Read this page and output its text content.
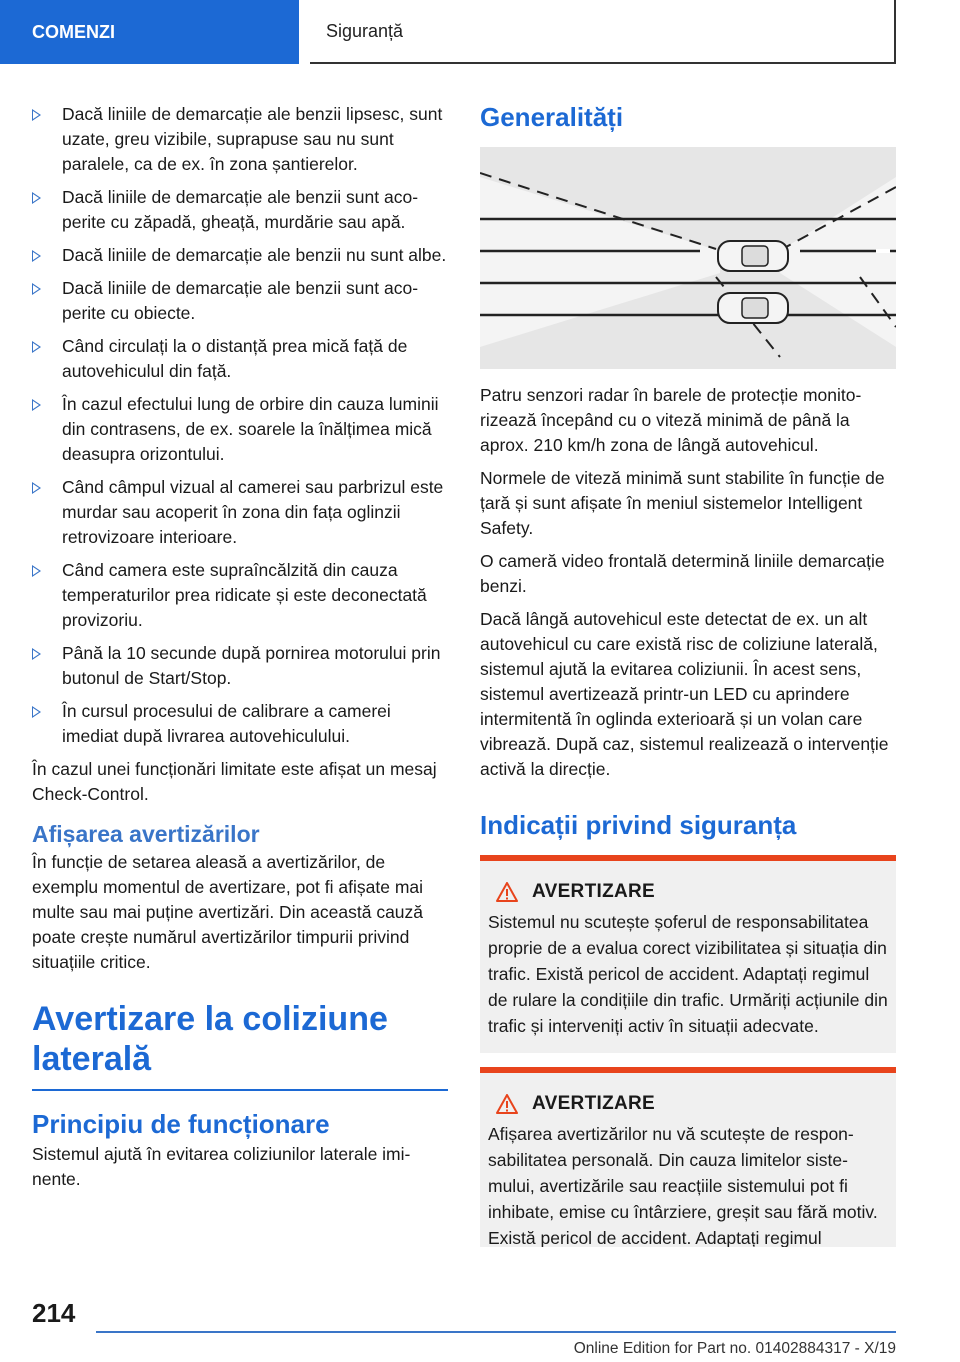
COMENZI	Siguranță
Dacă liniile de demarcație ale benzii lipsesc, sunt uzate, greu vizibile, suprapuse sau nu sunt paralele, ca de ex. în zona șantierelor.
Dacă liniile de demarcație ale benzii sunt acoperite cu zăpadă, gheață, murdărie sau apă.
Dacă liniile de demarcație ale benzii nu sunt albe.
Dacă liniile de demarcație ale benzii sunt acoperite cu obiecte.
Când circulați la o distanță prea mică față de autovehiculul din față.
În cazul efectului lung de orbire din cauza luminii din contrasens, de ex. soarele la înălțimea mică deasupra orizontului.
Când câmpul vizual al camerei sau parbrizul este murdar sau acoperit în zona din fața oglinzii retrovizoare interioare.
Când camera este supraîncălzită din cauza temperaturilor prea ridicate și este deconectată provizoriu.
Până la 10 secunde după pornirea motorului prin butonul de Start/Stop.
În cursul procesului de calibrare a camerei imediat după livrarea autovehiculului.

În cazul unei funcționări limitate este afișat un mesaj Check-Control.

Afișarea avertizărilor

În funcție de setarea aleasă a avertizărilor, de exemplu momentul de avertizare, pot fi afișate mai multe sau mai puține avertizări. Din această cauză poate crește numărul avertizărilor timpurii privind situațiile critice.

Avertizare la coliziune laterală
Principiu de funcționare

Sistemul ajută în evitarea coliziunilor laterale iminente.

Generalități

Patru senzori radar în barele de protecție monitorizează începând cu o viteză minimă de până la aprox. 210 km/h zona de lângă autovehicul.

Normele de viteză minimă sunt stabilite în funcție de țară și sunt afișate în meniul sistemelor Intelligent Safety.

O cameră video frontală determină liniile demarcație benzi.

Dacă lângă autovehicul este detectat de ex. un alt autovehicul cu care există risc de coliziune laterală, sistemul ajută la evitarea coliziunii. În acest sens, sistemul avertizează printr-un LED cu aprindere intermitentă în oglinda exterioară și un volan care vibrează. După caz, sistemul realizează o intervenție activă la direcție.

Indicații privind siguranța
AVERTIZARE

Sistemul nu scutește șoferul de responsabilitatea proprie de a evalua corect vizibilitatea și situația din trafic. Există pericol de accident. Adaptați regimul de rulare la condițiile din trafic. Urmăriți acțiunile din trafic și interveniți activ în situații adecvate.

AVERTIZARE

Afișarea avertizărilor nu vă scutește de responsabilitatea personală. Din cauza limitelor sistemului, avertizările sau reacțiile sistemului pot fi inhibate, emise cu întârziere, greșit sau fără motiv. Există pericol de accident. Adaptați regimul

214
Online Edition for Part no. 01402884317 - X/19
